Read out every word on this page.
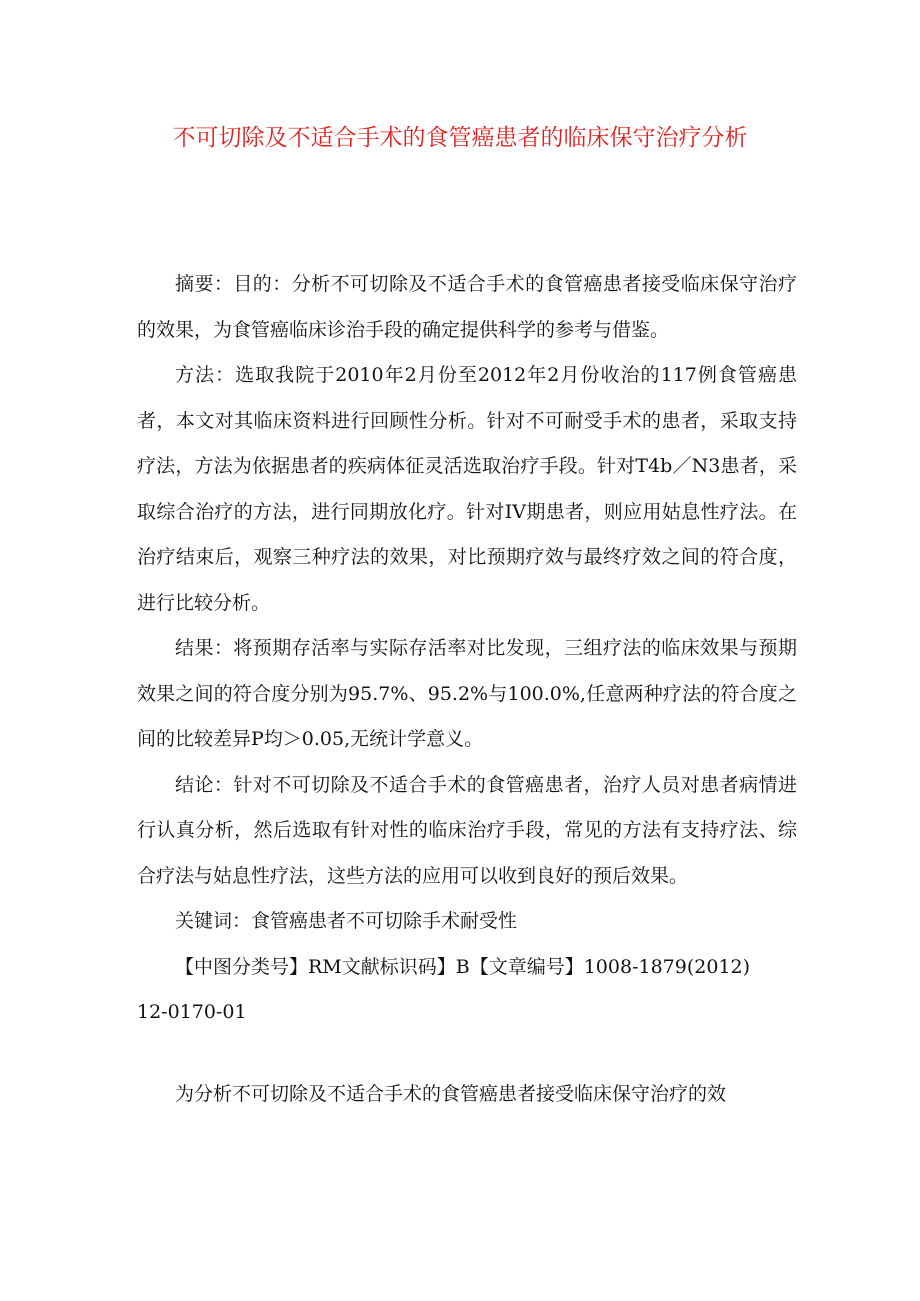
不可切除及不适合手术的食管癌患者的临床保守治疗分析

摘要：目的：分析不可切除及不适合手术的食管癌患者接受临床保守治疗的效果，为食管癌临床诊治手段的确定提供科学的参考与借鉴。

方法：选取我院于2010年2月份至2012年2月份收治的117例食管癌患者，本文对其临床资料进行回顾性分析。针对不可耐受手术的患者，采取支持疗法，方法为依据患者的疾病体征灵活选取治疗手段。针对T4b／N3患者，采取综合治疗的方法，进行同期放化疗。针对IV期患者，则应用姑息性疗法。在治疗结束后，观察三种疗法的效果，对比预期疗效与最终疗效之间的符合度，进行比较分析。

结果：将预期存活率与实际存活率对比发现，三组疗法的临床效果与预期效果之间的符合度分别为95.7%、95.2%与100.0%,任意两种疗法的符合度之间的比较差异P均＞0.05,无统计学意义。

结论：针对不可切除及不适合手术的食管癌患者，治疗人员对患者病情进行认真分析，然后选取有针对性的临床治疗手段，常见的方法有支持疗法、综合疗法与姑息性疗法，这些方法的应用可以收到良好的预后效果。

关键词：食管癌患者不可切除手术耐受性

【中图分类号】RM文献标识码】B【文章编号】1008-1879(2012)

12-0170-01

为分析不可切除及不适合手术的食管癌患者接受临床保守治疗的效
